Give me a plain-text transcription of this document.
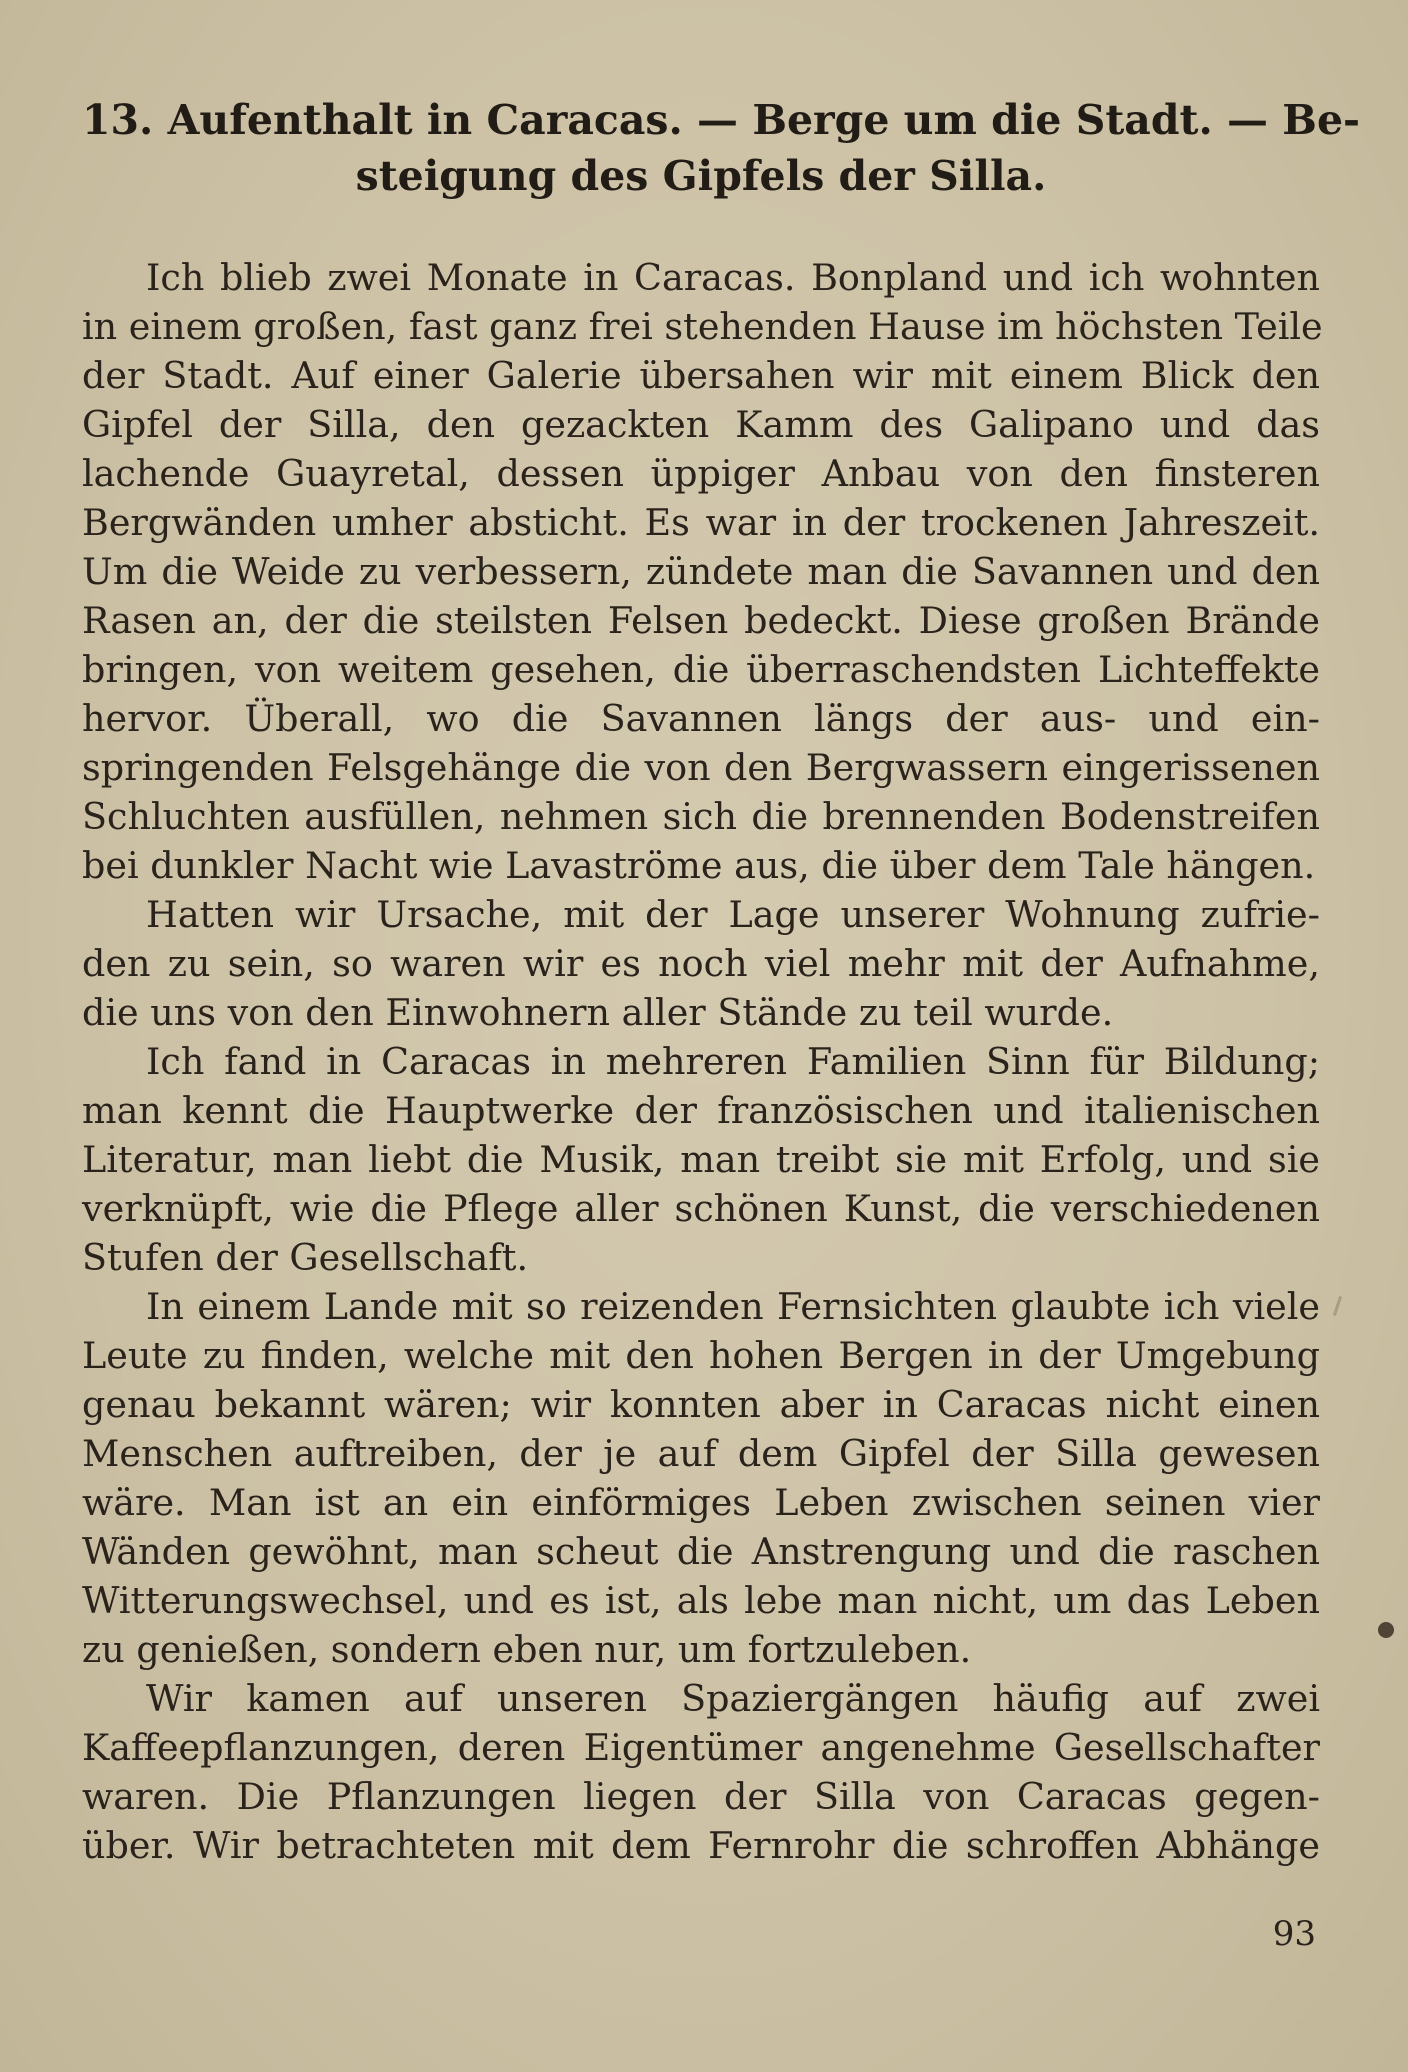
13. Aufenthalt in Caracas. — Berge um die Stadt. — Be-
steigung des Gipfels der Silla.
Ich blieb zwei Monate in Caracas. Bonpland und ich wohnten
in einem großen, fast ganz frei stehenden Hause im höchsten Teile
der Stadt. Auf einer Galerie übersahen wir mit einem Blick den
Gipfel der Silla, den gezackten Kamm des Galipano und das
lachende Guayretal, dessen üppiger Anbau von den finsteren
Bergwänden umher absticht. Es war in der trockenen Jahreszeit.
Um die Weide zu verbessern, zündete man die Savannen und den
Rasen an, der die steilsten Felsen bedeckt. Diese großen Brände
bringen, von weitem gesehen, die überraschendsten Lichteffekte
hervor. Überall, wo die Savannen längs der aus- und ein-
springenden Felsgehänge die von den Bergwassern eingerissenen
Schluchten ausfüllen, nehmen sich die brennenden Bodenstreifen
bei dunkler Nacht wie Lavaströme aus, die über dem Tale hängen.
Hatten wir Ursache, mit der Lage unserer Wohnung zufrie-
den zu sein, so waren wir es noch viel mehr mit der Aufnahme,
die uns von den Einwohnern aller Stände zu teil wurde.
Ich fand in Caracas in mehreren Familien Sinn für Bildung;
man kennt die Hauptwerke der französischen und italienischen
Literatur, man liebt die Musik, man treibt sie mit Erfolg, und sie
verknüpft, wie die Pflege aller schönen Kunst, die verschiedenen
Stufen der Gesellschaft.
In einem Lande mit so reizenden Fernsichten glaubte ich viele
Leute zu finden, welche mit den hohen Bergen in der Umgebung
genau bekannt wären; wir konnten aber in Caracas nicht einen
Menschen auftreiben, der je auf dem Gipfel der Silla gewesen
wäre. Man ist an ein einförmiges Leben zwischen seinen vier
Wänden gewöhnt, man scheut die Anstrengung und die raschen
Witterungswechsel, und es ist, als lebe man nicht, um das Leben
zu genießen, sondern eben nur, um fortzuleben.
Wir kamen auf unseren Spaziergängen häufig auf zwei
Kaffeepflanzungen, deren Eigentümer angenehme Gesellschafter
waren. Die Pflanzungen liegen der Silla von Caracas gegen-
über. Wir betrachteten mit dem Fernrohr die schroffen Abhänge
93
